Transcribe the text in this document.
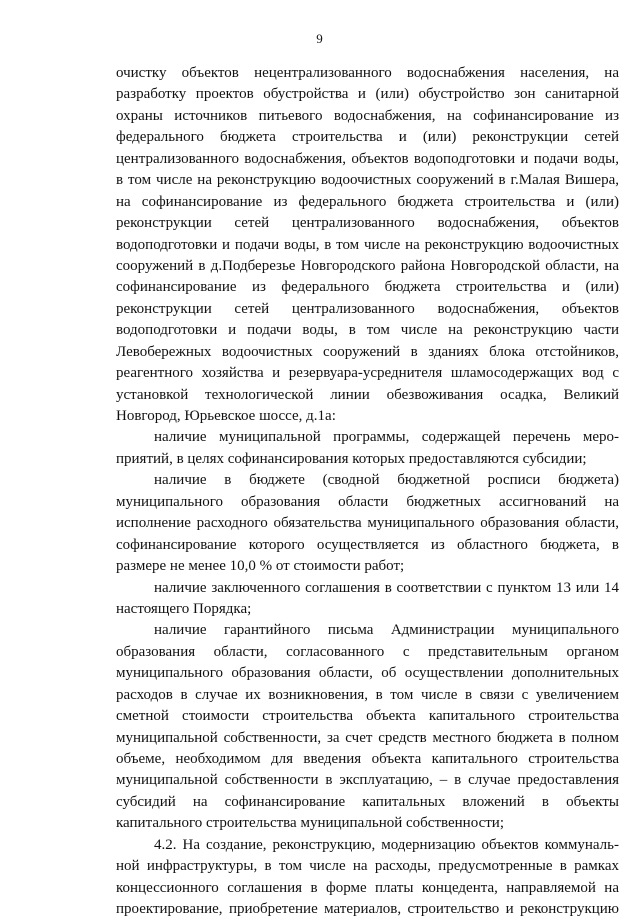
9
очистку объектов нецентрализованного водоснабжения населения, на
разработку проектов обустройства и (или) обустройство зон санитарной
охраны источников питьевого водоснабжения, на софинансирование из
федерального бюджета строительства и (или) реконструкции сетей
централизованного водоснабжения, объектов водоподготовки и подачи воды,
в том числе на реконструкцию водоочистных сооружений в г.Малая Вишера,
на софинансирование из федерального бюджета строительства и (или)
реконструкции сетей централизованного водоснабжения, объектов
водоподготовки и подачи воды, в том числе на реконструкцию водоочистных
сооружений в д.Подберезье Новгородского района Новгородской области, на
софинансирование из федерального бюджета строительства и (или)
реконструкции сетей централизованного водоснабжения, объектов
водоподготовки и подачи воды, в том числе на реконструкцию части
Левобережных водоочистных сооружений в зданиях блока отстойников,
реагентного хозяйства и резервуара-усреднителя шламосодержащих вод с
установкой технологической линии обезвоживания осадка, Великий
Новгород, Юрьевское шоссе, д.1а:
наличие муниципальной программы, содержащей перечень меро-
приятий, в целях софинансирования которых предоставляются субсидии;
наличие в бюджете (сводной бюджетной росписи бюджета)
муниципального образования области бюджетных ассигнований на
исполнение расходного обязательства муниципального образования области,
софинансирование которого осуществляется из областного бюджета, в
размере не менее 10,0 % от стоимости работ;
наличие заключенного соглашения в соответствии с пунктом 13 или 14
настоящего Порядка;
наличие гарантийного письма Администрации муниципального
образования области, согласованного с представительным органом
муниципального образования области, об осуществлении дополнительных
расходов в случае их возникновения, в том числе в связи с увеличением
сметной стоимости строительства объекта капитального строительства
муниципальной собственности, за счет средств местного бюджета в полном
объеме, необходимом для введения объекта капитального строительства
муниципальной собственности в эксплуатацию, – в случае предоставления
субсидий на софинансирование капитальных вложений в объекты
капитального строительства муниципальной собственности;
4.2. На создание, реконструкцию, модернизацию объектов коммуналь-
ной инфраструктуры, в том числе на расходы, предусмотренные в рамках
концессионного соглашения в форме платы концедента, направляемой на
проектирование, приобретение материалов, строительство и реконструкцию
